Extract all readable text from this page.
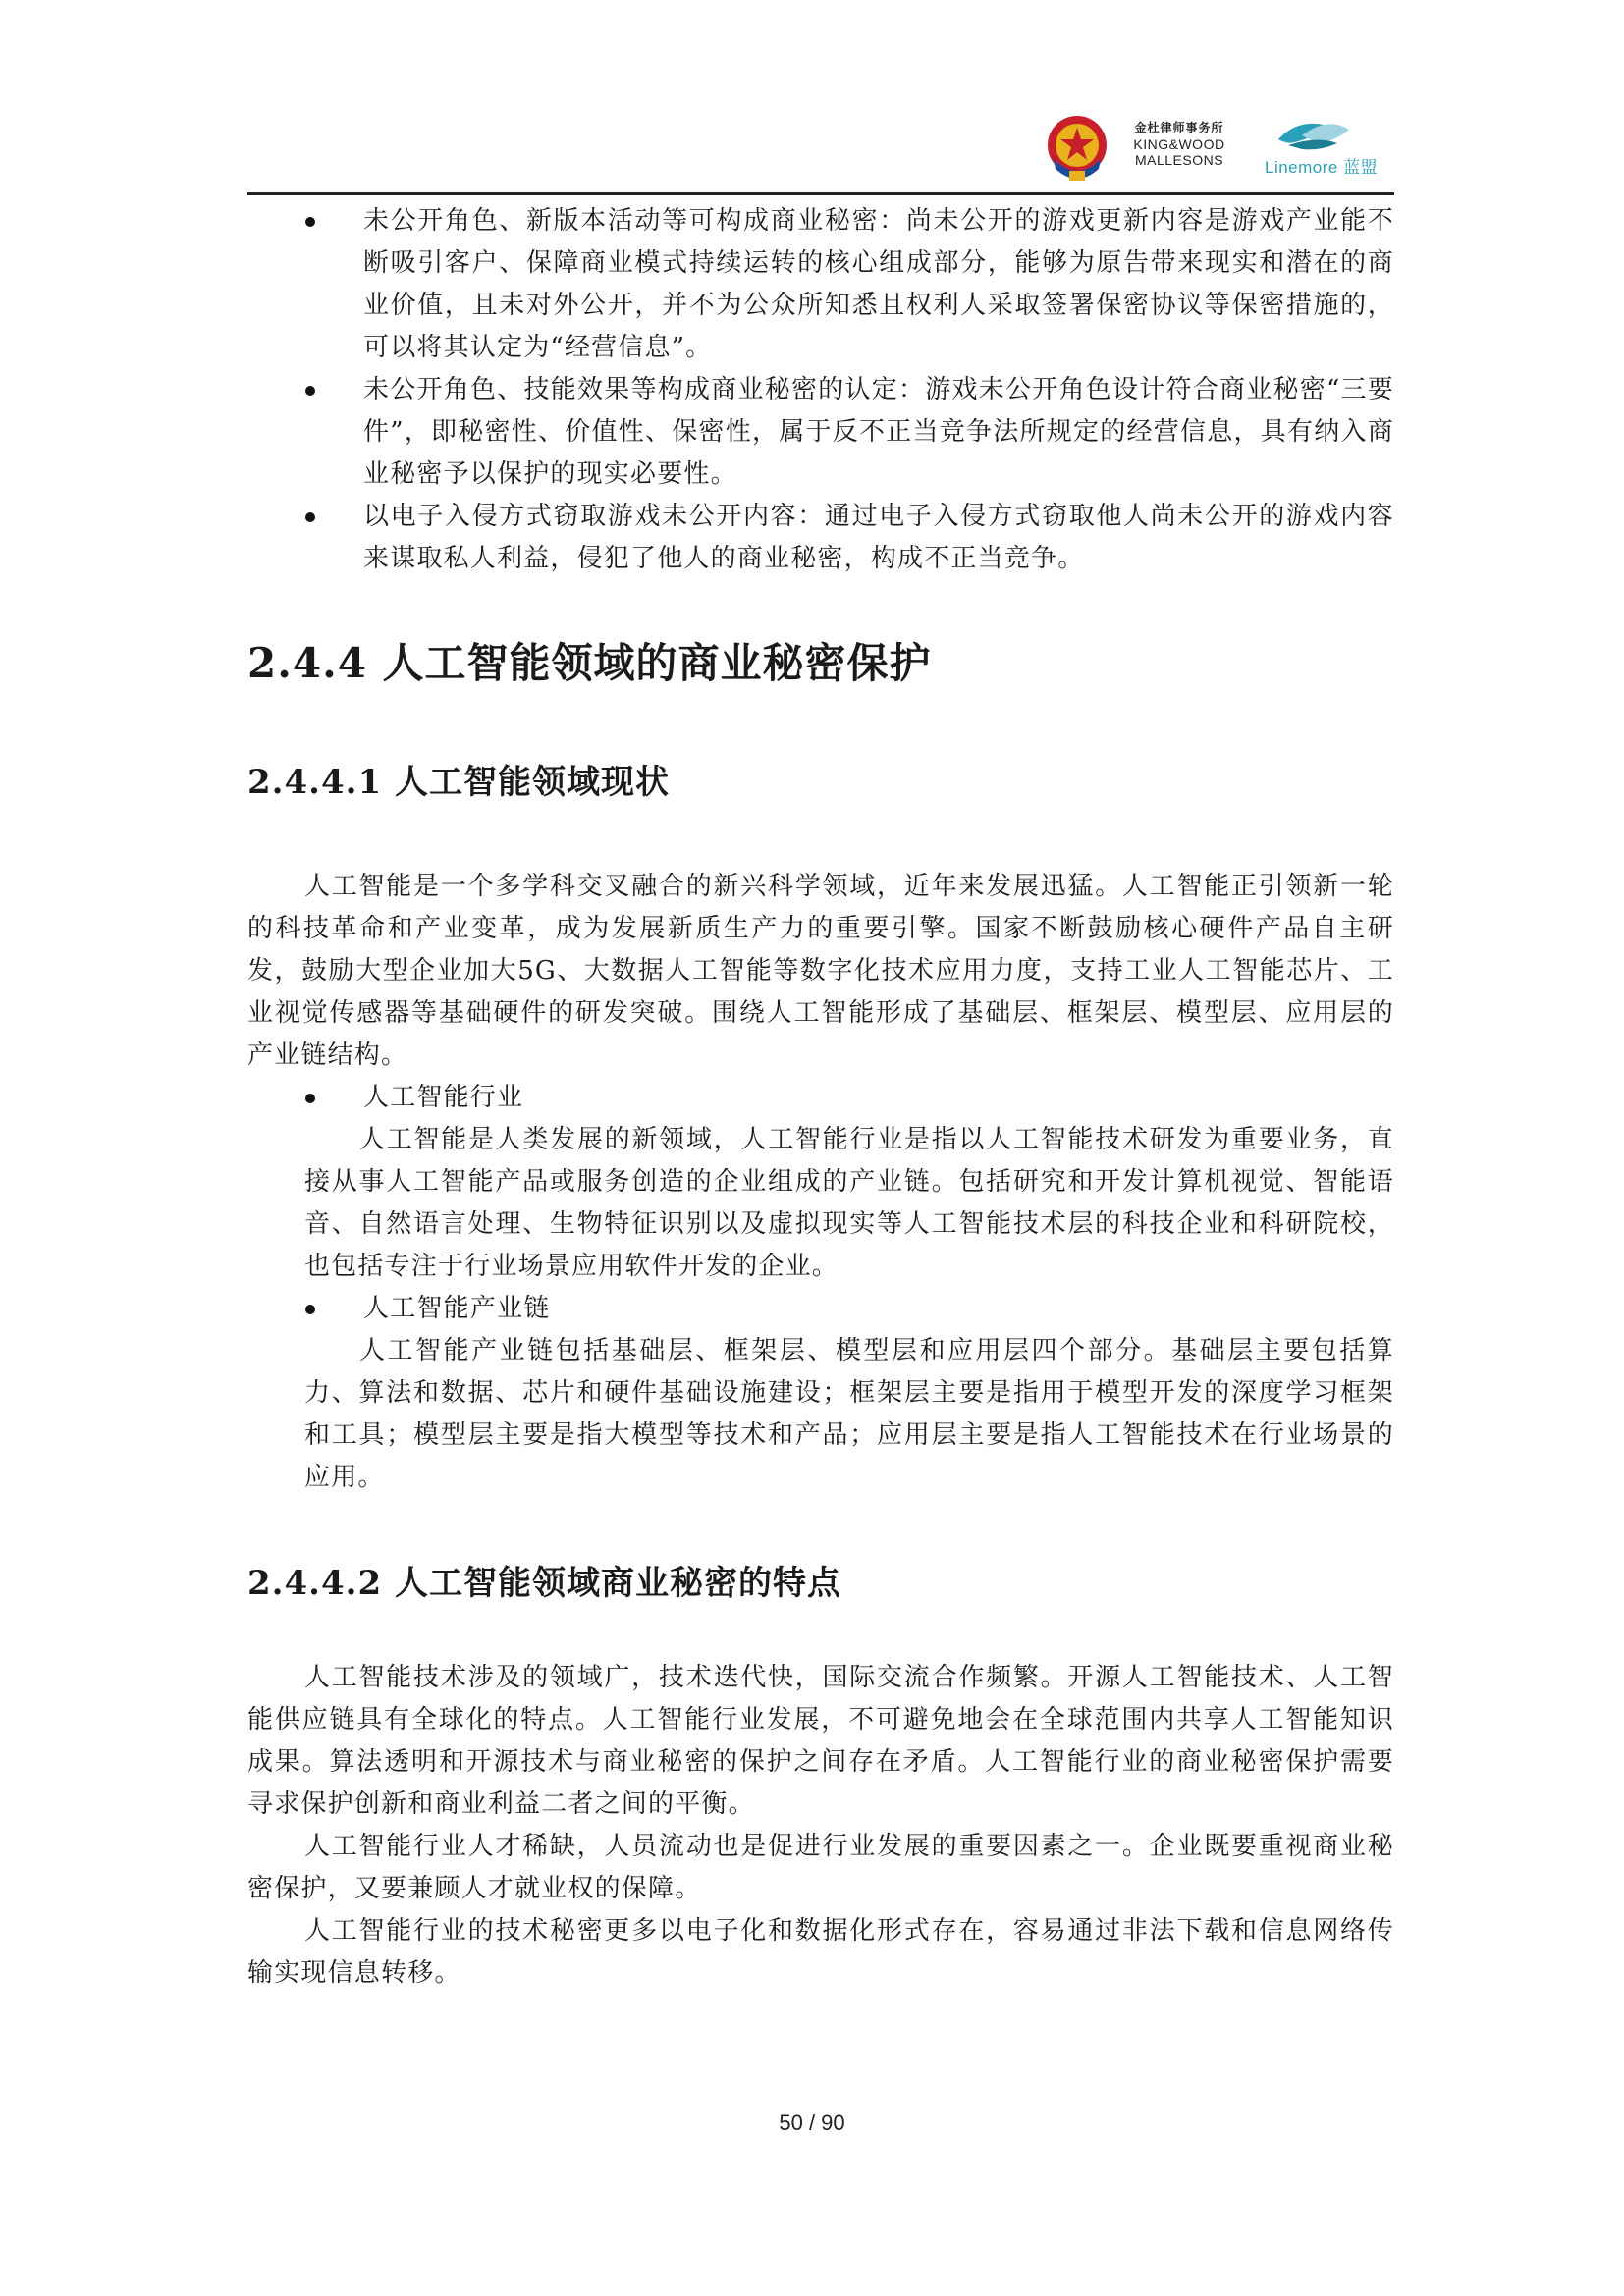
金杜律师事务所
KING&WOOD
MALLESONS	Linemore 蓝盟
未公开角色、新版本活动等可构成商业秘密：尚未公开的游戏更新内容是游戏产业能不断吸引客户、保障商业模式持续运转的核心组成部分，能够为原告带来现实和潜在的商业价值，且未对外公开，并不为公众所知悉且权利人采取签署保密协议等保密措施的，可以将其认定为“经营信息”。
未公开角色、技能效果等构成商业秘密的认定：游戏未公开角色设计符合商业秘密“三要件”，即秘密性、价值性、保密性，属于反不正当竞争法所规定的经营信息，具有纳入商业秘密予以保护的现实必要性。
以电子入侵方式窃取游戏未公开内容：通过电子入侵方式窃取他人尚未公开的游戏内容来谋取私人利益，侵犯了他人的商业秘密，构成不正当竞争。
2.4.4 人工智能领域的商业秘密保护
2.4.4.1 人工智能领域现状

人工智能是一个多学科交叉融合的新兴科学领域，近年来发展迅猛。人工智能正引领新一轮的科技革命和产业变革，成为发展新质生产力的重要引擎。国家不断鼓励核心硬件产品自主研发，鼓励大型企业加大5G、大数据人工智能等数字化技术应用力度，支持工业人工智能芯片、工业视觉传感器等基础硬件的研发突破。围绕人工智能形成了基础层、框架层、模型层、应用层的产业链结构。

人工智能行业

人工智能是人类发展的新领域，人工智能行业是指以人工智能技术研发为重要业务，直接从事人工智能产品或服务创造的企业组成的产业链。包括研究和开发计算机视觉、智能语音、自然语言处理、生物特征识别以及虚拟现实等人工智能技术层的科技企业和科研院校，也包括专注于行业场景应用软件开发的企业。

人工智能产业链

人工智能产业链包括基础层、框架层、模型层和应用层四个部分。基础层主要包括算力、算法和数据、芯片和硬件基础设施建设；框架层主要是指用于模型开发的深度学习框架和工具；模型层主要是指大模型等技术和产品；应用层主要是指人工智能技术在行业场景的应用。

2.4.4.2 人工智能领域商业秘密的特点

人工智能技术涉及的领域广，技术迭代快，国际交流合作频繁。开源人工智能技术、人工智能供应链具有全球化的特点。人工智能行业发展，不可避免地会在全球范围内共享人工智能知识成果。算法透明和开源技术与商业秘密的保护之间存在矛盾。人工智能行业的商业秘密保护需要寻求保护创新和商业利益二者之间的平衡。

人工智能行业人才稀缺，人员流动也是促进行业发展的重要因素之一。企业既要重视商业秘密保护，又要兼顾人才就业权的保障。

人工智能行业的技术秘密更多以电子化和数据化形式存在，容易通过非法下载和信息网络传输实现信息转移。

50 / 90
